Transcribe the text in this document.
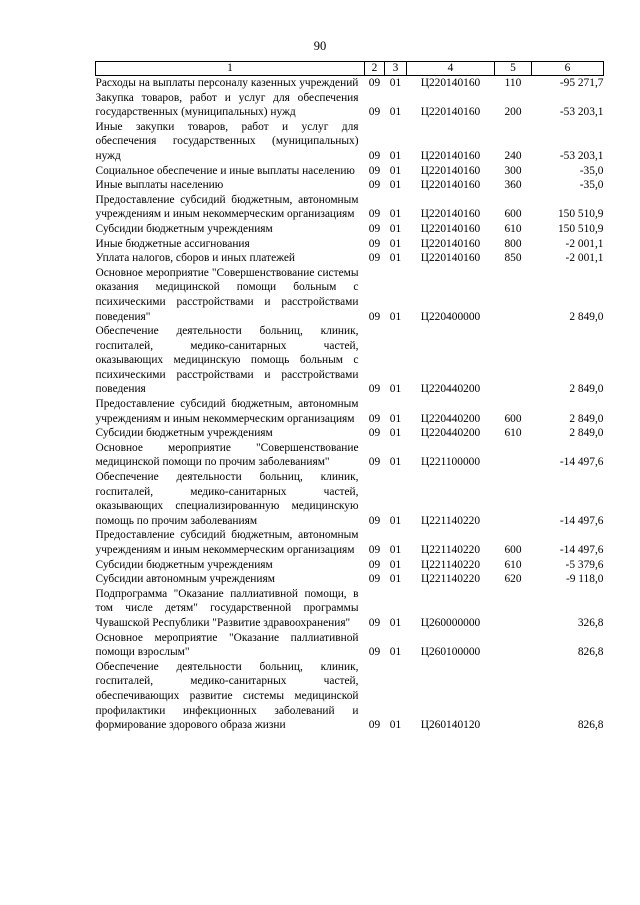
90
1	2	3	4	5	6
Расходы на выплаты персоналу казенных учреждений	09	01	Ц220140160	110	-95 271,7
Закупка товаров, работ и услуг для обеспечения государственных (муниципальных) нужд	09	01	Ц220140160	200	-53 203,1
Иные закупки товаров, работ и услуг для обеспечения государственных (муниципальных) нужд	09	01	Ц220140160	240	-53 203,1
Социальное обеспечение и иные выплаты населению	09	01	Ц220140160	300	-35,0
Иные выплаты населению	09	01	Ц220140160	360	-35,0
Предоставление субсидий бюджетным, автономным учреждениям и иным некоммерческим организациям	09	01	Ц220140160	600	150 510,9
Субсидии бюджетным учреждениям	09	01	Ц220140160	610	150 510,9
Иные бюджетные ассигнования	09	01	Ц220140160	800	-2 001,1
Уплата налогов, сборов и иных платежей	09	01	Ц220140160	850	-2 001,1
Основное мероприятие "Совершенствование системы оказания медицинской помощи больным с психическими расстройствами и расстройствами поведения"	09	01	Ц220400000		2 849,0
Обеспечение деятельности больниц, клиник, госпиталей, медико-санитарных частей, оказывающих медицинскую помощь больным с психическими расстройствами и расстройствами поведения	09	01	Ц220440200		2 849,0
Предоставление субсидий бюджетным, автономным учреждениям и иным некоммерческим организациям	09	01	Ц220440200	600	2 849,0
Субсидии бюджетным учреждениям	09	01	Ц220440200	610	2 849,0
Основное мероприятие "Совершенствование медицинской помощи по прочим заболеваниям"	09	01	Ц221100000		-14 497,6
Обеспечение деятельности больниц, клиник, госпиталей, медико-санитарных частей, оказывающих специализированную медицинскую помощь по прочим заболеваниям	09	01	Ц221140220		-14 497,6
Предоставление субсидий бюджетным, автономным учреждениям и иным некоммерческим организациям	09	01	Ц221140220	600	-14 497,6
Субсидии бюджетным учреждениям	09	01	Ц221140220	610	-5 379,6
Субсидии автономным учреждениям	09	01	Ц221140220	620	-9 118,0
Подпрограмма "Оказание паллиативной помощи, в том числе детям" государственной программы Чувашской Республики "Развитие здравоохранения"	09	01	Ц260000000		326,8
Основное мероприятие "Оказание паллиативной помощи взрослым"	09	01	Ц260100000		826,8
Обеспечение деятельности больниц, клиник, госпиталей, медико-санитарных частей, обеспечивающих развитие системы медицинской профилактики инфекционных заболеваний и формирование здорового образа жизни	09	01	Ц260140120		826,8
